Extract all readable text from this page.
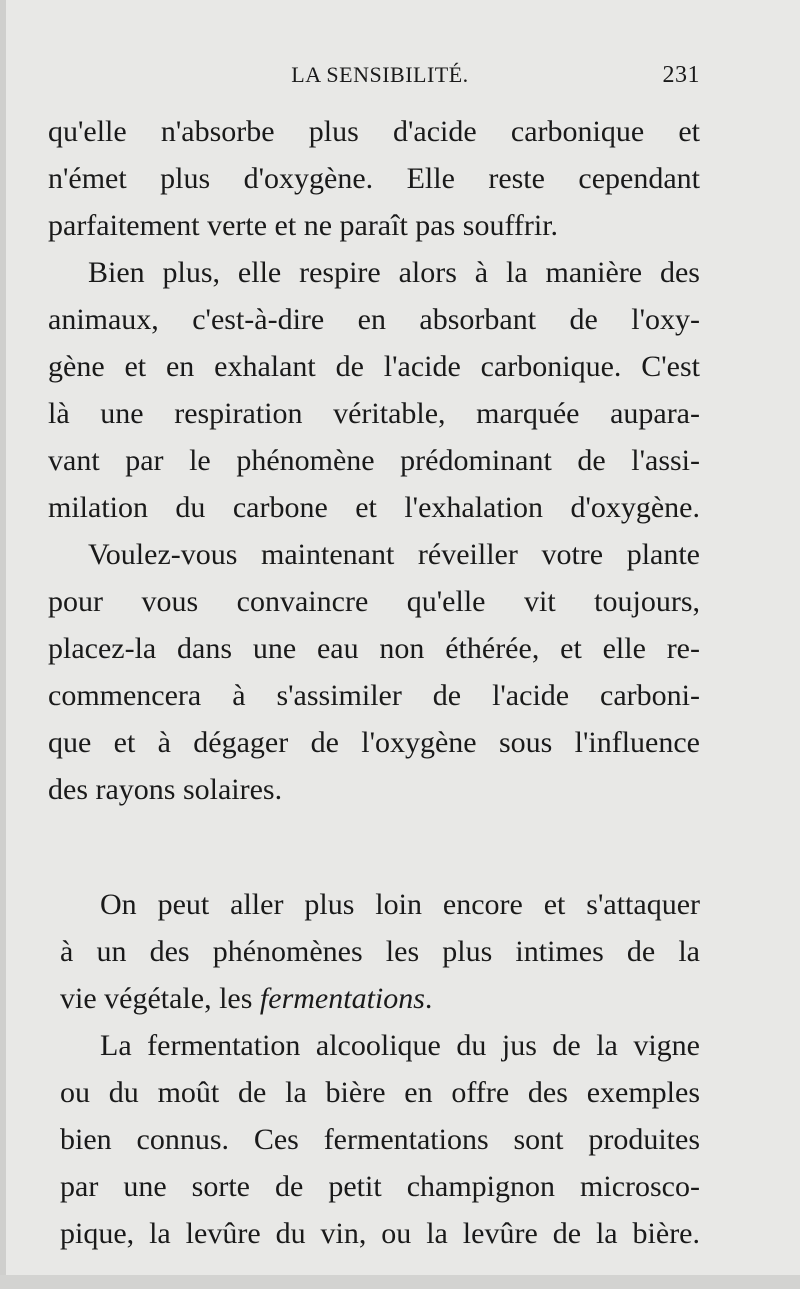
LA SENSIBILITÉ.	231
qu'elle n'absorbe plus d'acide carbonique et
n'émet plus d'oxygène. Elle reste cependant
parfaitement verte et ne paraît pas souffrir.
Bien plus, elle respire alors à la manière des
animaux, c'est-à-dire en absorbant de l'oxy-
gène et en exhalant de l'acide carbonique. C'est
là une respiration véritable, marquée aupara-
vant par le phénomène prédominant de l'assi-
milation du carbone et l'exhalation d'oxygène.
Voulez-vous maintenant réveiller votre plante
pour vous convaincre qu'elle vit toujours,
placez-la dans une eau non éthérée, et elle re-
commencera à s'assimiler de l'acide carboni-
que et à dégager de l'oxygène sous l'influence
des rayons solaires.
On peut aller plus loin encore et s'attaquer
à un des phénomènes les plus intimes de la
vie végétale, les fermentations.
La fermentation alcoolique du jus de la vigne
ou du moût de la bière en offre des exemples
bien connus. Ces fermentations sont produites
par une sorte de petit champignon microsco-
pique, la levûre du vin, ou la levûre de la bière.
